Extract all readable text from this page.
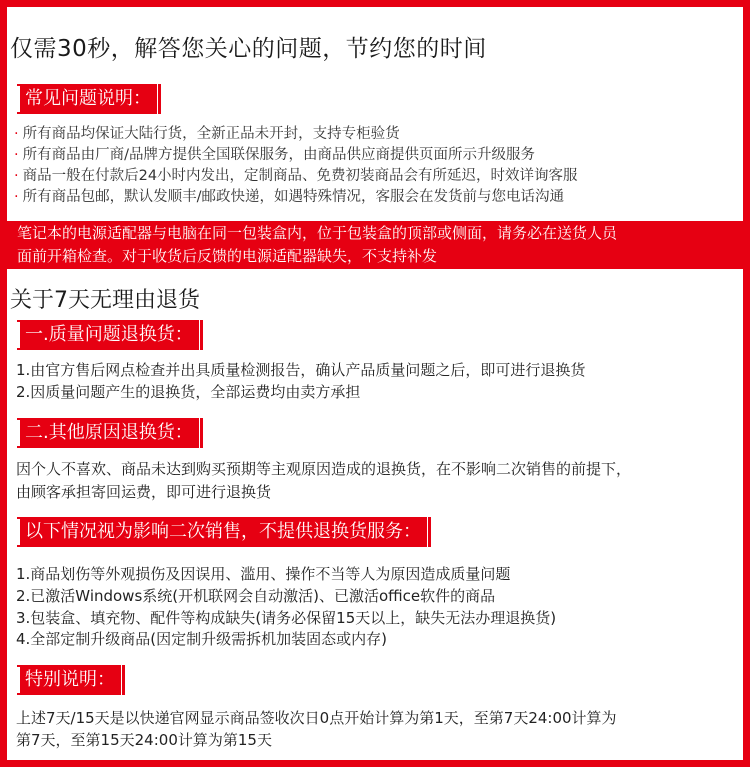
仅需30秒，解答您关心的问题，节约您的时间
常见问题说明：
· 所有商品均保证大陆行货，全新正品未开封，支持专柜验货
· 所有商品由厂商/品牌方提供全国联保服务，由商品供应商提供页面所示升级服务
· 商品一般在付款后24小时内发出，定制商品、免费初装商品会有所延迟，时效详询客服
· 所有商品包邮，默认发顺丰/邮政快递，如遇特殊情况，客服会在发货前与您电话沟通
笔记本的电源适配器与电脑在同一包装盒内，位于包装盒的顶部或侧面，请务必在送货人员
面前开箱检查。对于收货后反馈的电源适配器缺失，不支持补发
关于7天无理由退货
一.质量问题退换货：
1.由官方售后网点检查并出具质量检测报告，确认产品质量问题之后，即可进行退换货
2.因质量问题产生的退换货，全部运费均由卖方承担
二.其他原因退换货：
因个人不喜欢、商品未达到购买预期等主观原因造成的退换货，在不影响二次销售的前提下，
由顾客承担寄回运费，即可进行退换货
以下情况视为影响二次销售，不提供退换货服务：
1.商品划伤等外观损伤及因误用、滥用、操作不当等人为原因造成质量问题
2.已激活Windows系统(开机联网会自动激活)、已激活office软件的商品
3.包装盒、填充物、配件等构成缺失(请务必保留15天以上，缺失无法办理退换货)
4.全部定制升级商品(因定制升级需拆机加装固态或内存)
特别说明：
上述7天/15天是以快递官网显示商品签收次日0点开始计算为第1天，至第7天24:00计算为
第7天，至第15天24:00计算为第15天
